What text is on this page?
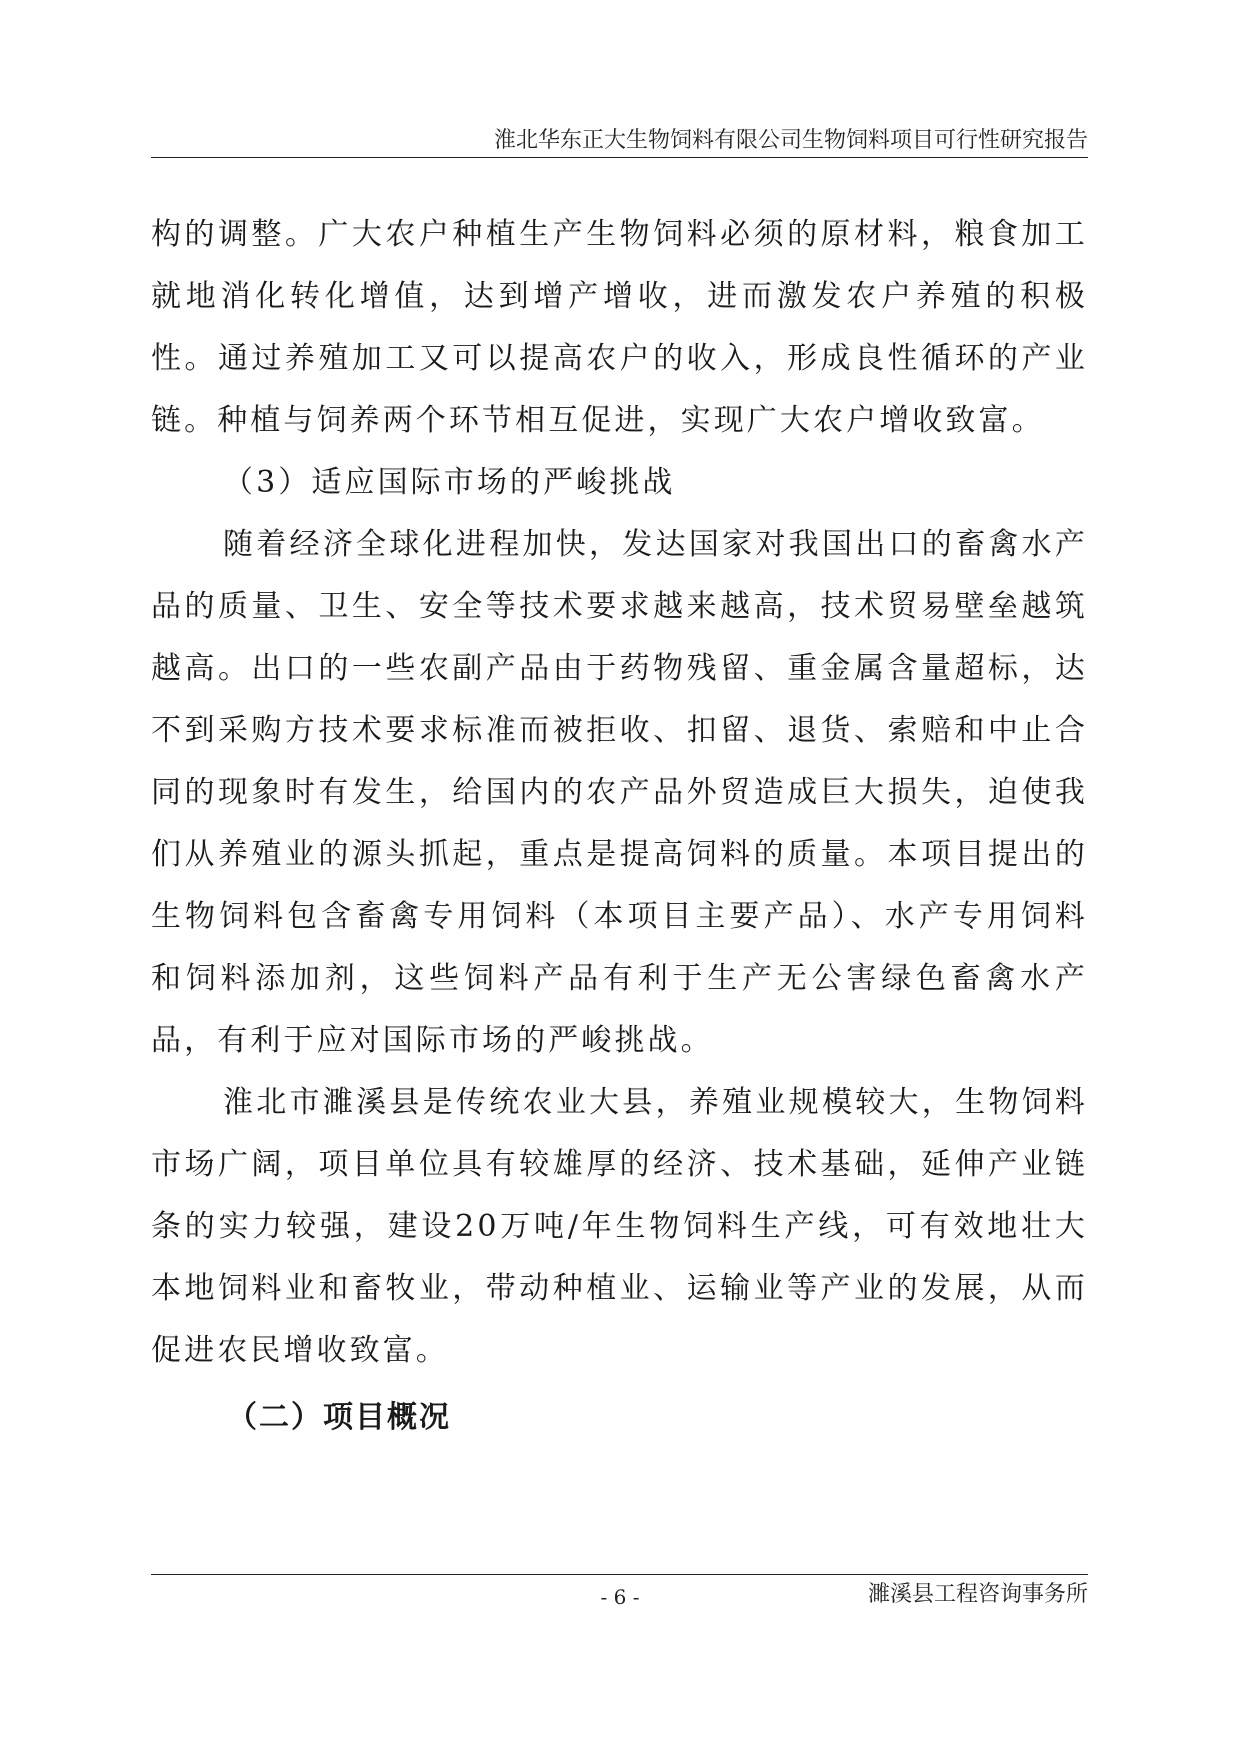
淮北华东正大生物饲料有限公司生物饲料项目可行性研究报告

构的调整。广大农户种植生产生物饲料必须的原材料，粮食加工就地消化转化增值，达到增产增收，进而激发农户养殖的积极性。通过养殖加工又可以提高农户的收入，形成良性循环的产业链。种植与饲养两个环节相互促进，实现广大农户增收致富。

（3）适应国际市场的严峻挑战

随着经济全球化进程加快，发达国家对我国出口的畜禽水产品的质量、卫生、安全等技术要求越来越高，技术贸易壁垒越筑越高。出口的一些农副产品由于药物残留、重金属含量超标，达不到采购方技术要求标准而被拒收、扣留、退货、索赔和中止合同的现象时有发生，给国内的农产品外贸造成巨大损失，迫使我们从养殖业的源头抓起，重点是提高饲料的质量。本项目提出的生物饲料包含畜禽专用饲料（本项目主要产品）、水产专用饲料和饲料添加剂，这些饲料产品有利于生产无公害绿色畜禽水产品，有利于应对国际市场的严峻挑战。

淮北市濉溪县是传统农业大县，养殖业规模较大，生物饲料市场广阔，项目单位具有较雄厚的经济、技术基础，延伸产业链条的实力较强，建设20万吨/年生物饲料生产线，可有效地壮大本地饲料业和畜牧业，带动种植业、运输业等产业的发展，从而促进农民增收致富。

（二）项目概况

- 6 -	濉溪县工程咨询事务所
